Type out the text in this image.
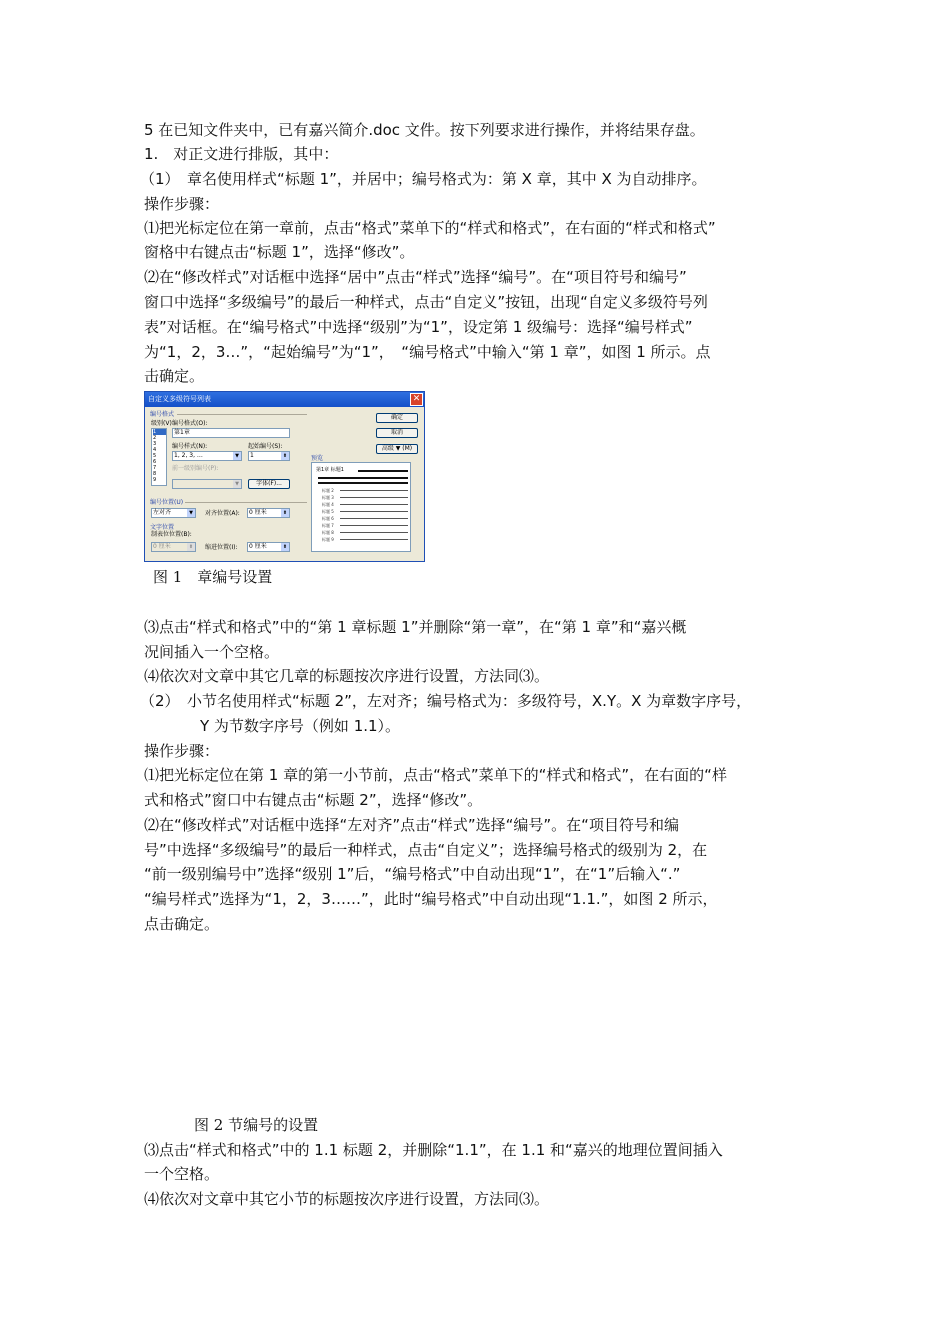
5 在已知文件夹中，已有嘉兴简介.doc 文件。按下列要求进行操作，并将结果存盘。
1.　对正文进行排版，其中：
（1）　章名使用样式“标题 1”，并居中；编号格式为：第 X 章，其中 X 为自动排序。
操作步骤：
⑴把光标定位在第一章前，点击“格式”菜单下的“样式和格式”，在右面的“样式和格式”
窗格中右键点击“标题 1”，选择“修改”。
⑵在“修改样式”对话框中选择“居中”点击“样式”选择“编号”。在“项目符号和编号”
窗口中选择“多级编号”的最后一种样式，点击“自定义”按钮，出现“自定义多级符号列
表”对话框。在“编号格式”中选择“级别”为“1”，设定第 1 级编号：选择“编号样式”
为“1，2，3…”，“起始编号”为“1”，　“编号格式”中输入“第 1 章”，如图 1 所示。点
击确定。
自定义多级符号列表	✕
编号格式
级别(V)
1
2
3
4
5
6
7
8
9
编号格式(O):
第1章
编号样式(N):
1, 2, 3, …	▼
起始编号(S):
1	⬍
前一级别编号(P):
▼	字体(F)...
确定
取消
高级 ▼ (M)
预览
第1章 标题1
标题 2
标题 3
标题 4
标题 5
标题 6
标题 7
标题 8
标题 9
编号位置(U)
左对齐	▼	对齐位置(A):	0 厘米	⬍
文字位置
制表位位置(B):
0 厘米	⬍	缩进位置(I):	0 厘米	⬍
图 1　章编号设置
⑶点击“样式和格式”中的“第 1 章标题 1”并删除“第一章”，在“第 1 章”和“嘉兴概
况间插入一个空格。
⑷依次对文章中其它几章的标题按次序进行设置，方法同⑶。
（2）　小节名使用样式“标题 2”，左对齐；编号格式为：多级符号，X.Y。X 为章数字序号，
Y 为节数字序号（例如 1.1）。
操作步骤：
⑴把光标定位在第 1 章的第一小节前，点击“格式”菜单下的“样式和格式”，在右面的“样
式和格式”窗口中右键点击“标题 2”，选择“修改”。
⑵在“修改样式”对话框中选择“左对齐”点击“样式”选择“编号”。在“项目符号和编
号”中选择“多级编号”的最后一种样式，点击“自定义”；选择编号格式的级别为 2，在
“前一级别编号中”选择“级别 1”后，“编号格式”中自动出现“1”，在“1”后输入“.”
“编号样式”选择为“1，2，3……”，此时“编号格式”中自动出现“1.1.”，如图 2 所示，
点击确定。
图 2 节编号的设置
⑶点击“样式和格式”中的 1.1 标题 2，并删除“1.1”，在 1.1 和“嘉兴的地理位置间插入
一个空格。
⑷依次对文章中其它小节的标题按次序进行设置，方法同⑶。
